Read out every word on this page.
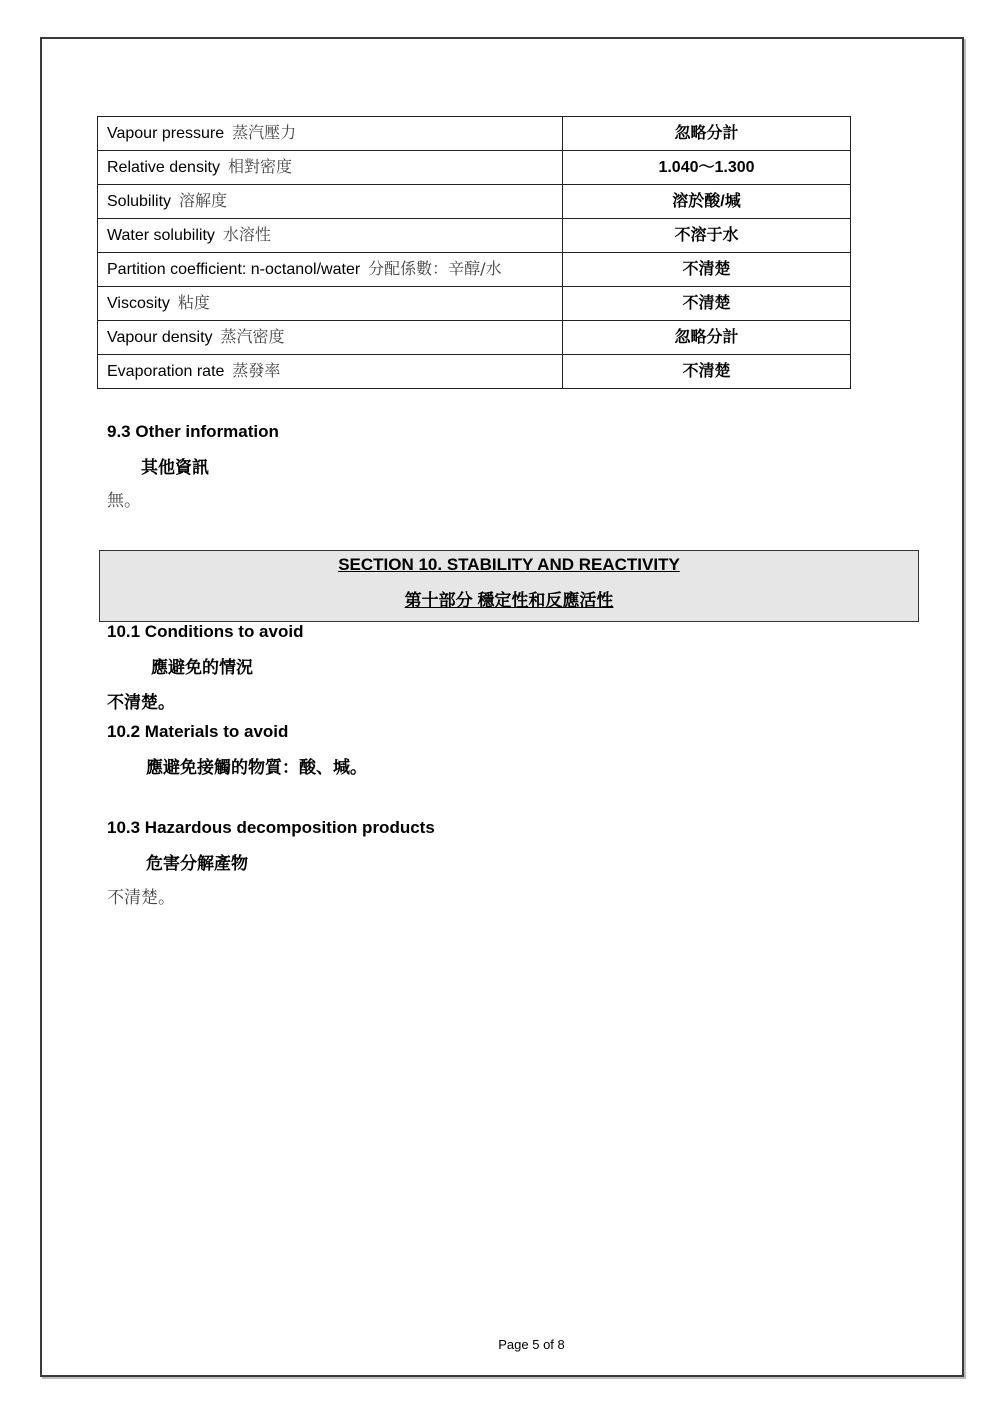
Vapour pressure 蒸汽壓力	忽略分計
Relative density 相對密度	1.040～1.300
Solubility 溶解度	溶於酸/堿
Water solubility 水溶性	不溶于水
Partition coefficient: n-octanol/water 分配係數：辛醇/水	不清楚
Viscosity 粘度	不清楚
Vapour density 蒸汽密度	忽略分計
Evaporation rate 蒸發率	不清楚
9.3 Other information
其他資訊
無。
SECTION 10. STABILITY AND REACTIVITY
第十部分 穩定性和反應活性
10.1 Conditions to avoid
應避免的情況
不清楚。
10.2 Materials to avoid
應避免接觸的物質：酸、堿。
10.3 Hazardous decomposition products
危害分解產物
不清楚。
Page 5 of 8
